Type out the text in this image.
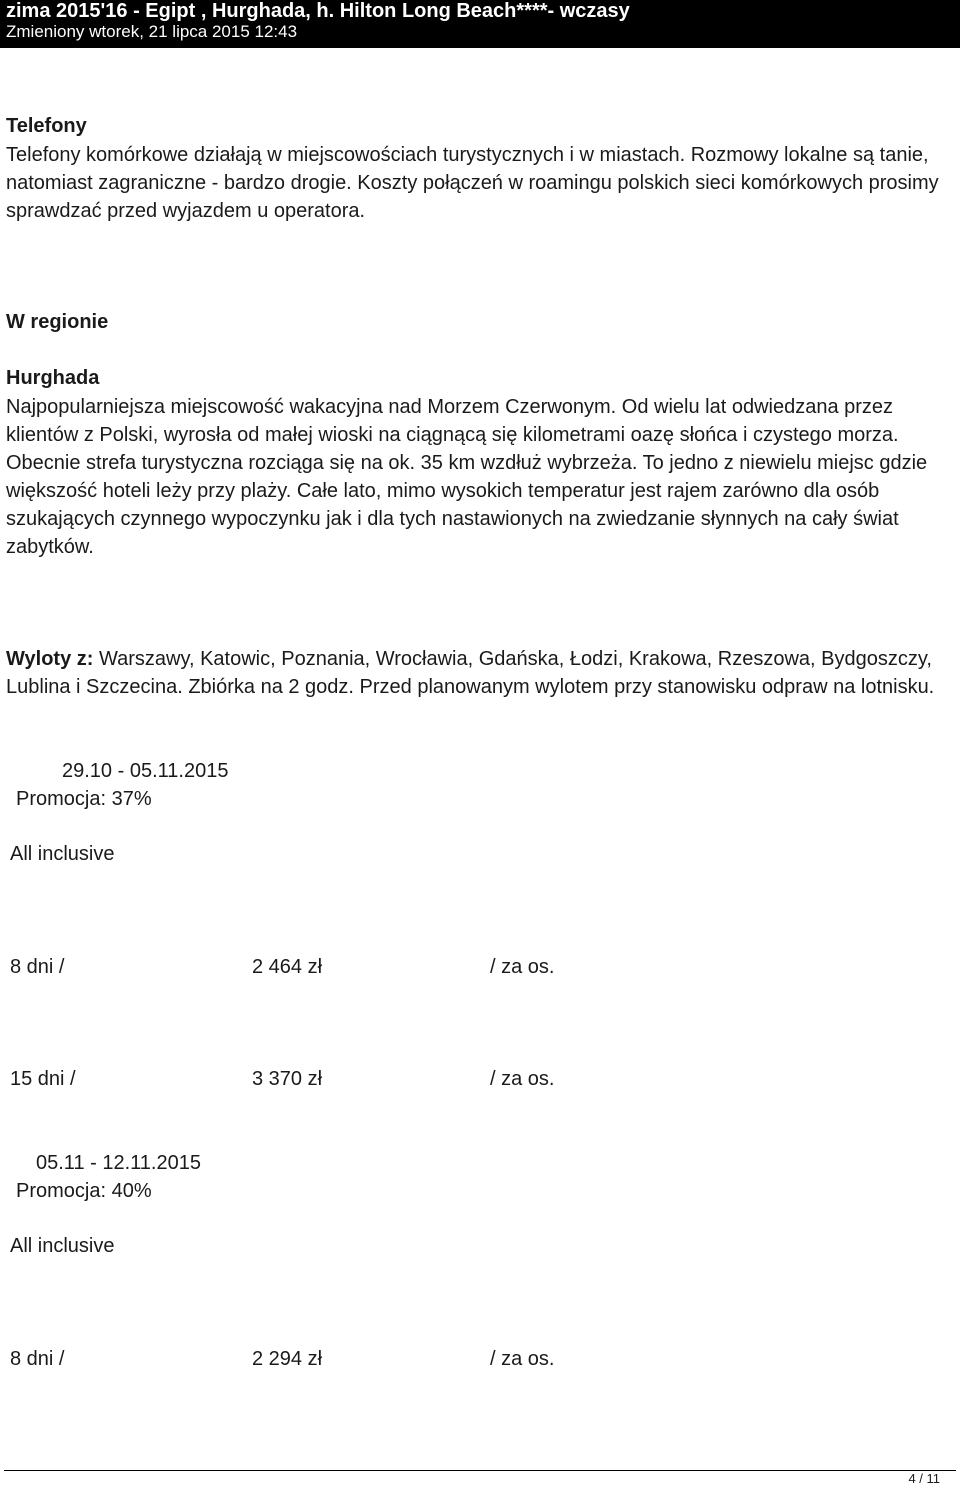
zima 2015'16 - Egipt , Hurghada, h. Hilton Long Beach****- wczasy
Zmieniony wtorek, 21 lipca 2015 12:43
Telefony
Telefony komórkowe działają w miejscowościach turystycznych i w miastach. Rozmowy lokalne są tanie, natomiast zagraniczne - bardzo drogie. Koszty połączeń w roamingu polskich sieci komórkowych prosimy sprawdzać przed wyjazdem u operatora.
W regionie
Hurghada
Najpopularniejsza miejscowość wakacyjna nad Morzem Czerwonym. Od wielu lat odwiedzana przez klientów z Polski, wyrosła od małej wioski na ciągnącą się kilometrami oazę słońca i czystego morza. Obecnie strefa turystyczna rozciąga się na ok. 35 km wzdłuż wybrzeża. To jedno z niewielu miejsc gdzie większość hoteli leży przy plaży. Całe lato, mimo wysokich temperatur jest rajem zarówno dla osób szukających czynnego wypoczynku jak i dla tych nastawionych na zwiedzanie słynnych na cały świat zabytków.
Wyloty z: Warszawy, Katowic, Poznania, Wrocławia, Gdańska, Łodzi, Krakowa, Rzeszowa, Bydgoszczy, Lublina i Szczecina. Zbiórka na 2 godz. Przed planowanym wylotem przy stanowisku odpraw na lotnisku.
29.10 - 05.11.2015
Promocja: 37%
All inclusive
8 dni /	2 464 zł	/ za os.
15 dni /	3 370 zł	/ za os.
05.11 - 12.11.2015
Promocja: 40%
All inclusive
8 dni /	2 294 zł	/ za os.
4 / 11
